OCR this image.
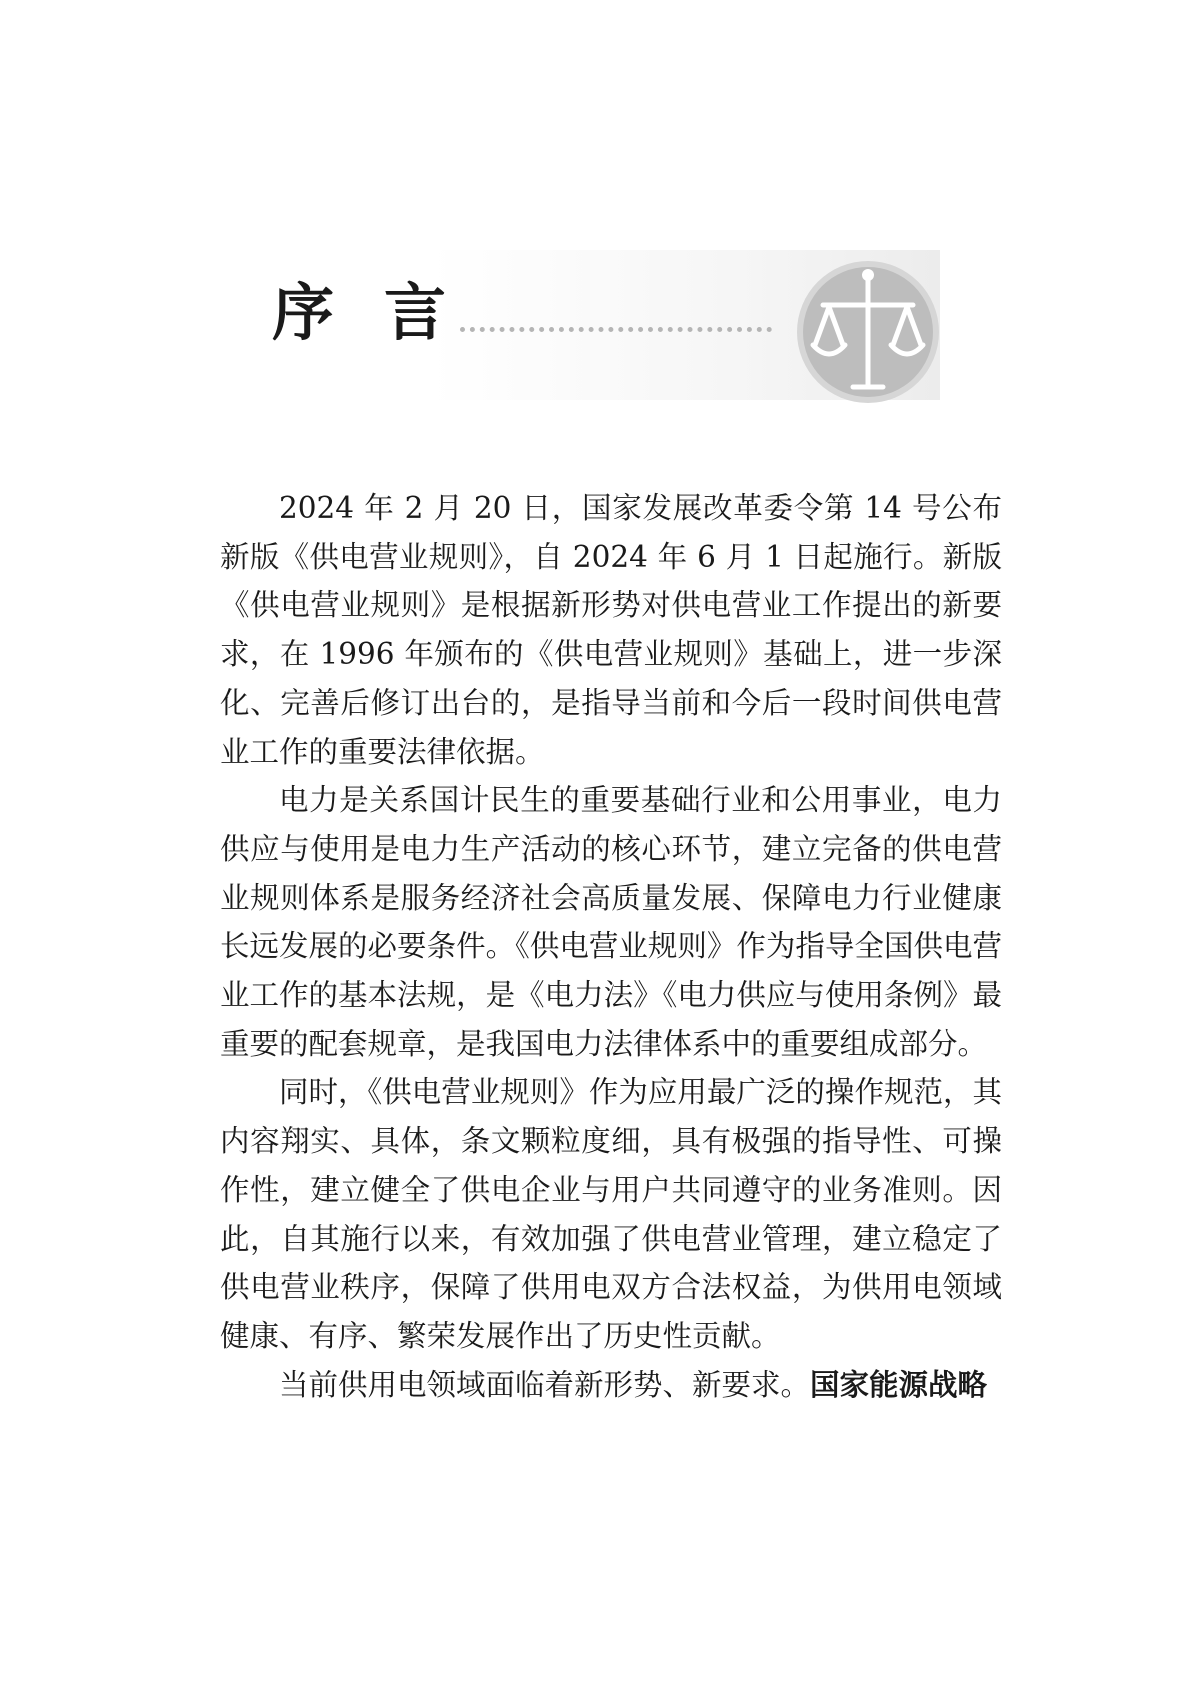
序 言

2024 年 2 月 20 日，国家发展改革委令第 14 号公布新版《供电营业规则》，自 2024 年 6 月 1 日起施行。新版《供电营业规则》是根据新形势对供电营业工作提出的新要求，在 1996 年颁布的《供电营业规则》基础上，进一步深化、完善后修订出台的，是指导当前和今后一段时间供电营业工作的重要法律依据。

电力是关系国计民生的重要基础行业和公用事业，电力供应与使用是电力生产活动的核心环节，建立完备的供电营业规则体系是服务经济社会高质量发展、保障电力行业健康长远发展的必要条件。《供电营业规则》作为指导全国供电营业工作的基本法规，是《电力法》《电力供应与使用条例》最重要的配套规章，是我国电力法律体系中的重要组成部分。

同时，《供电营业规则》作为应用最广泛的操作规范，其内容翔实、具体，条文颗粒度细，具有极强的指导性、可操作性，建立健全了供电企业与用户共同遵守的业务准则。因此，自其施行以来，有效加强了供电营业管理，建立稳定了供电营业秩序，保障了供用电双方合法权益，为供用电领域健康、有序、繁荣发展作出了历史性贡献。

当前供用电领域面临着新形势、新要求。国家能源战略
